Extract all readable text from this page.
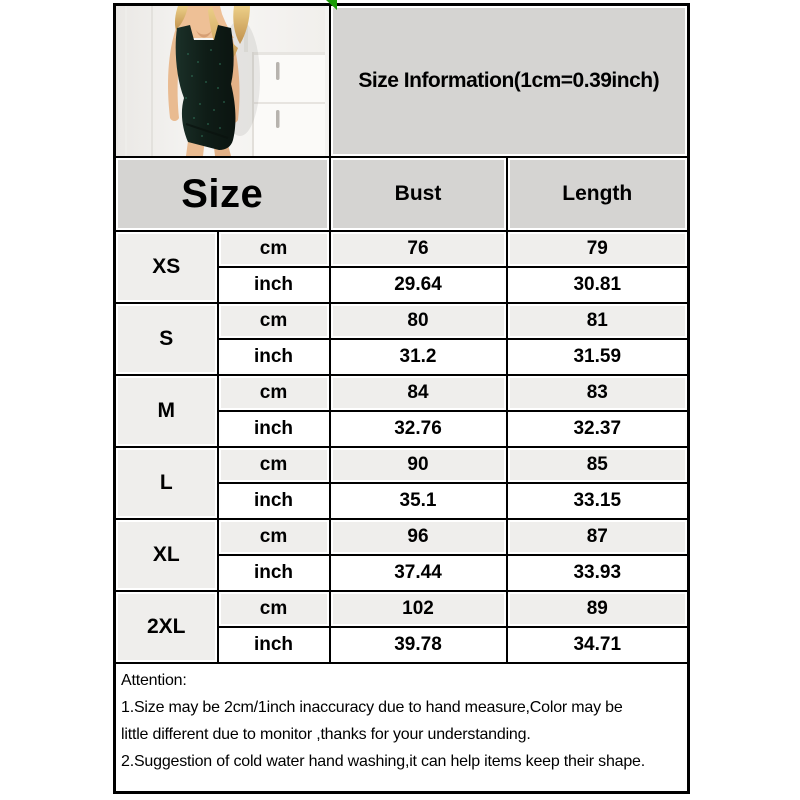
	Size Information(1cm=0.39inch)	
Size		Bust	Length
XS	cm	76	79
	inch	29.64	30.81
S	cm	80	81
	inch	31.2	31.59
M	cm	84	83
	inch	32.76	32.37
L	cm	90	85
	inch	35.1	33.15
XL	cm	96	87
	inch	37.44	33.93
2XL	cm	102	89
	inch	39.78	34.71

Attention:
1.Size may be 2cm/1inch inaccuracy due to hand measure,Color may be
little different due to monitor ,thanks for your understanding.
2.Suggestion of cold water hand washing,it can help items keep their shape.			
